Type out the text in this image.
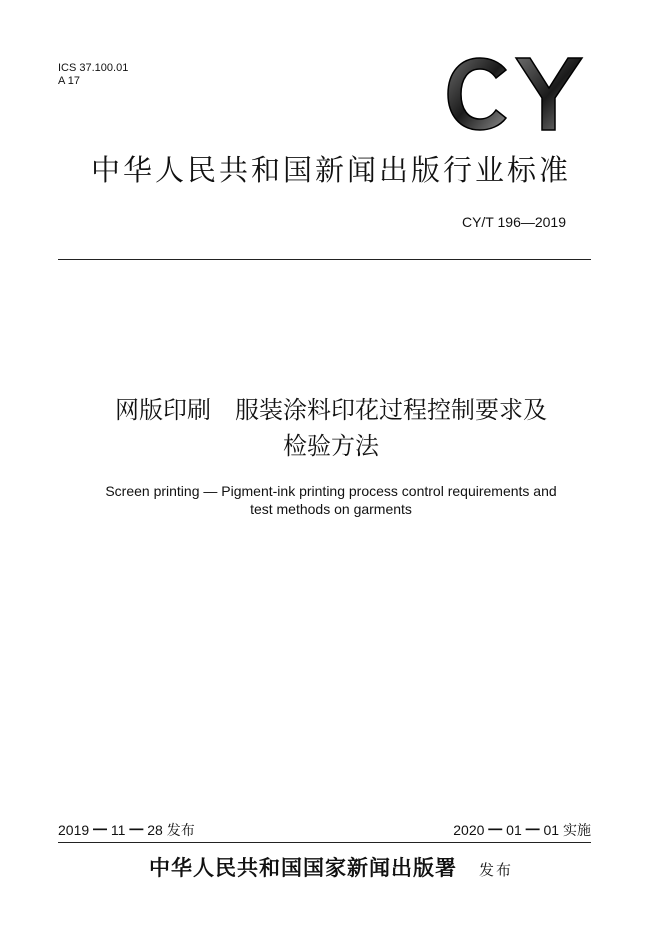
ICS 37.100.01
A 17
CY
中华人民共和国新闻出版行业标准
CY/T 196—2019
网版印刷　服装涂料印花过程控制要求及
检验方法
Screen printing — Pigment-ink printing process control requirements and
test methods on garments
2019 ━ 11 ━ 28 发布	2020 ━ 01 ━ 01 实施
中华人民共和国国家新闻出版署 发布
